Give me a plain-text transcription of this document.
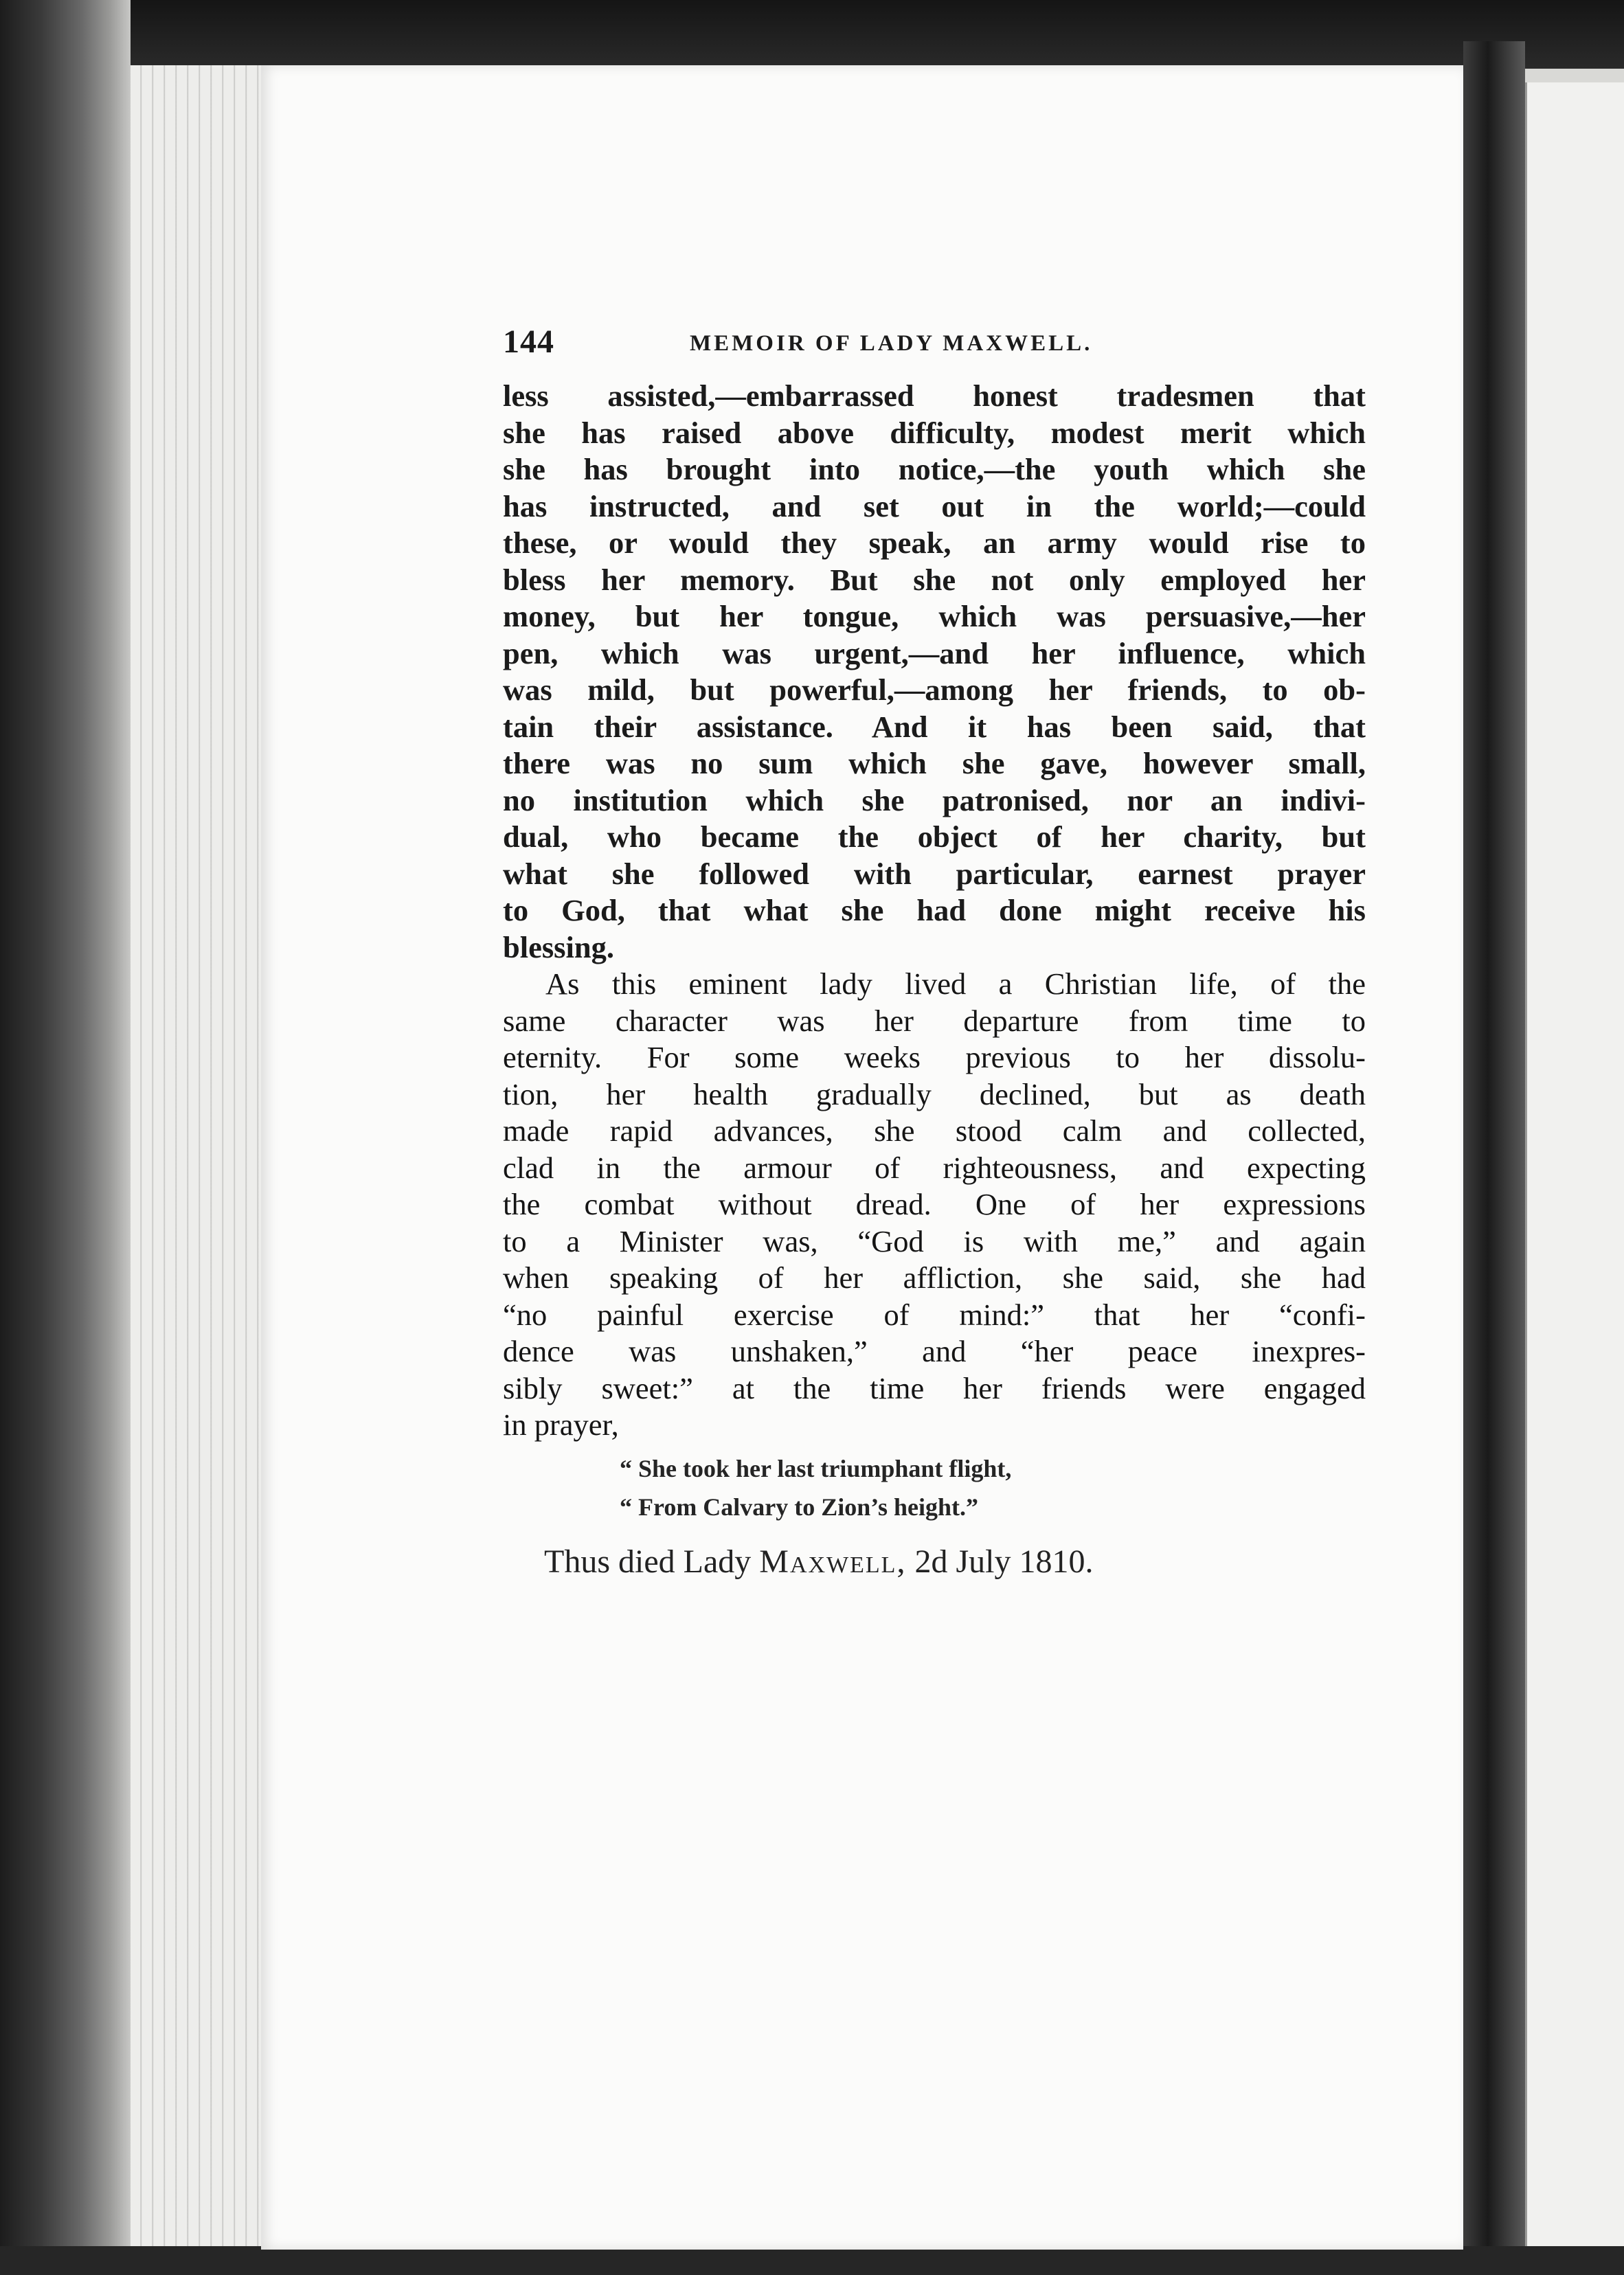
144	MEMOIR OF LADY MAXWELL.
less assisted,—embarrassed honest tradesmen that
she has raised above difficulty, modest merit which
she has brought into notice,—the youth which she
has instructed, and set out in the world;—could
these, or would they speak, an army would rise to
bless her memory. But she not only employed her
money, but her tongue, which was persuasive,—her
pen, which was urgent,—and her influence, which
was mild, but powerful,—among her friends, to ob-
tain their assistance. And it has been said, that
there was no sum which she gave, however small,
no institution which she patronised, nor an indivi-
dual, who became the object of her charity, but
what she followed with particular, earnest prayer
to God, that what she had done might receive his
blessing.
As this eminent lady lived a Christian life, of the
same character was her departure from time to
eternity. For some weeks previous to her dissolu-
tion, her health gradually declined, but as death
made rapid advances, she stood calm and collected,
clad in the armour of righteousness, and expecting
the combat without dread. One of her expressions
to a Minister was, “God is with me,” and again
when speaking of her affliction, she said, she had
“no painful exercise of mind:” that her “confi-
dence was unshaken,” and “her peace inexpres-
sibly sweet:” at the time her friends were engaged
in prayer,
“ She took her last triumphant flight,
“ From Calvary to Zion’s height.”
Thus died Lady Maxwell, 2d July 1810.
